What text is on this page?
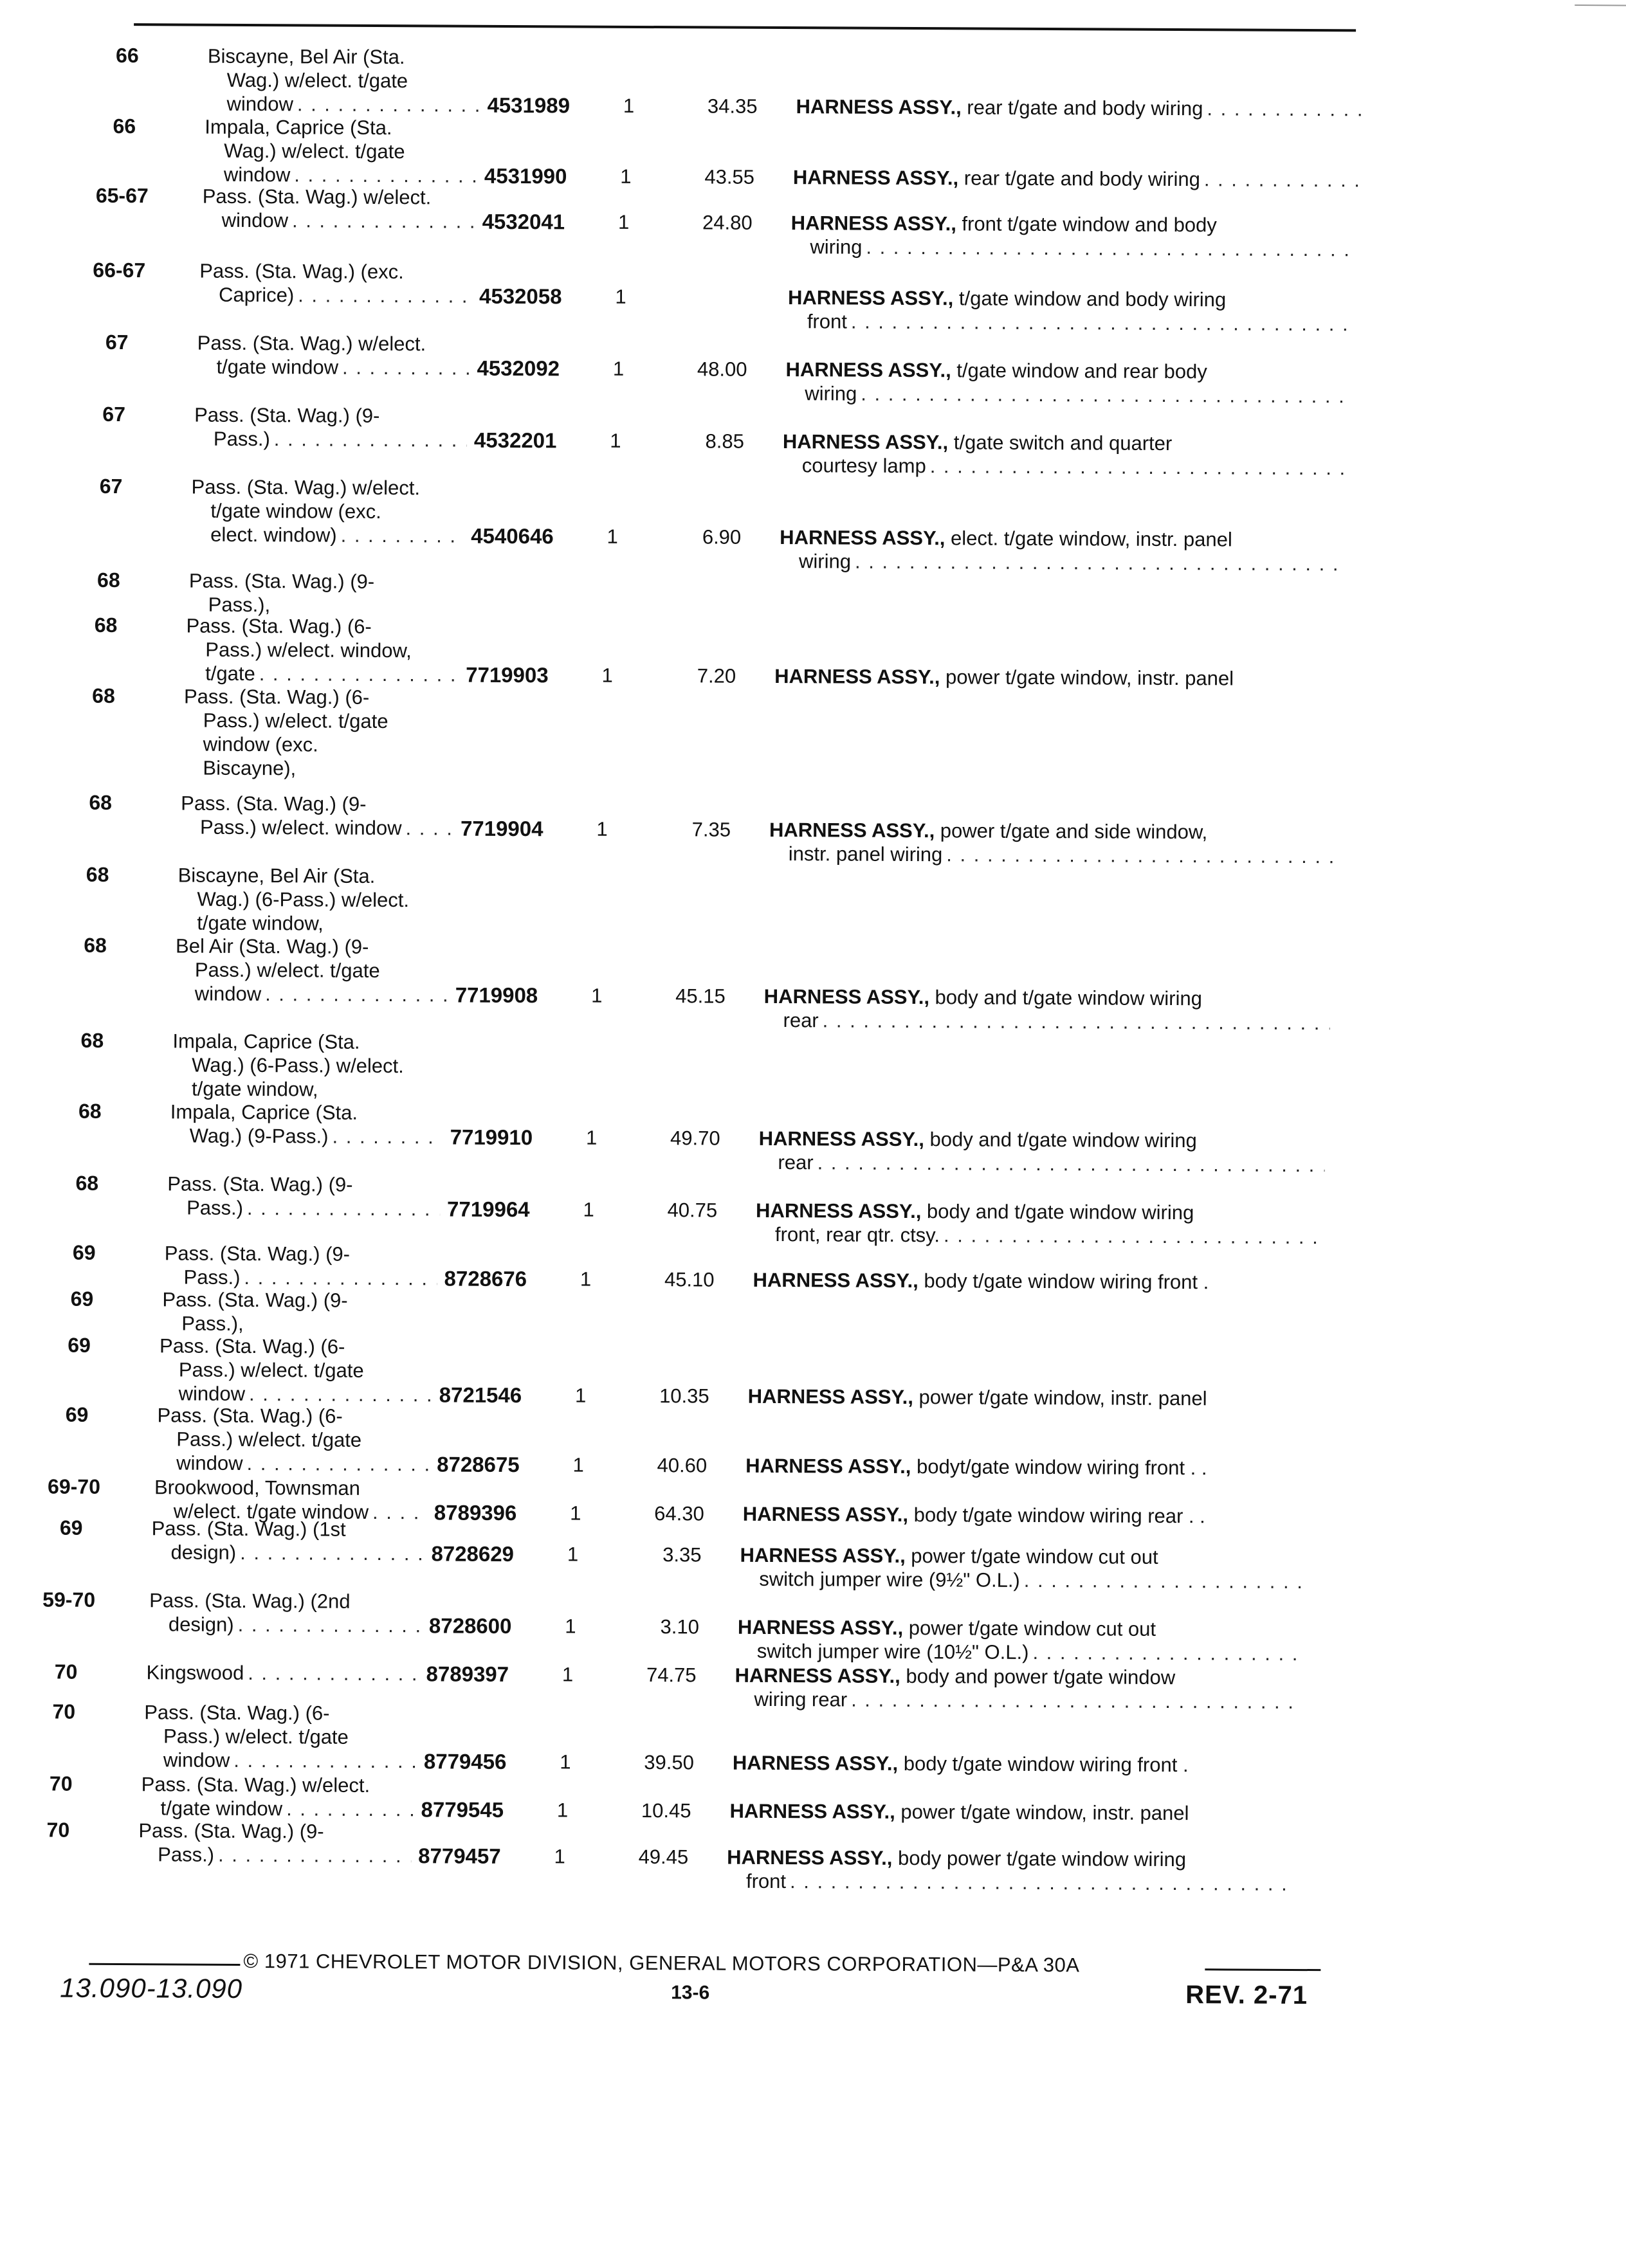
66	Biscayne, Bel Air (Sta.
Wag.) w/elect. t/gate
window . . .	4531989	1	34.35 HARNESS ASSY., rear t/gate and body wiring
. . .
66	Impala, Caprice (Sta.
Wag.) w/elect. t/gate
window . . .	4531990	1	43.55 HARNESS ASSY., rear t/gate and body wiring
. . .
65-67	Pass. (Sta. Wag.) w/elect.
window . . .	4532041	1	24.80 HARNESS ASSY., front t/gate window and body
wiring
. . .
66-67	Pass. (Sta. Wag.) (exc.
Caprice) . . .	4532058	1	HARNESS ASSY., t/gate window and body wiring
front
. . .
67	Pass. (Sta. Wag.) w/elect.
t/gate window . . .	4532092	1	48.00 HARNESS ASSY., t/gate window and rear body
wiring
. . .
67	Pass. (Sta. Wag.) (9-
Pass.) . . .	4532201	1	8.85 HARNESS ASSY., t/gate switch and quarter
courtesy lamp
. . .
67	Pass. (Sta. Wag.) w/elect.
t/gate window (exc.
elect. window) . . .	4540646	1	6.90 HARNESS ASSY., elect. t/gate window, instr. panel
wiring
. . .
68	Pass. (Sta. Wag.) (9-
Pass.),
68	Pass. (Sta. Wag.) (6-
Pass.) w/elect. window,
t/gate . . .	7719903	1	7.20 HARNESS ASSY., power t/gate window, instr. panel
68	Pass. (Sta. Wag.) (6-
Pass.) w/elect. t/gate
window (exc.
Biscayne),
68	Pass. (Sta. Wag.) (9-
Pass.) w/elect. window . . .	7719904	1	7.35 HARNESS ASSY., power t/gate and side window,
instr. panel wiring
. . .
68	Biscayne, Bel Air (Sta.
Wag.) (6-Pass.) w/elect.
t/gate window,
68	Bel Air (Sta. Wag.) (9-
Pass.) w/elect. t/gate
window . . .	7719908	1	45.15 HARNESS ASSY., body and t/gate window wiring
rear
. . .
68	Impala, Caprice (Sta.
Wag.) (6-Pass.) w/elect.
t/gate window,
68	Impala, Caprice (Sta.
Wag.) (9-Pass.) . . .	7719910	1	49.70 HARNESS ASSY., body and t/gate window wiring
rear
. . .
68	Pass. (Sta. Wag.) (9-
Pass.) . . .	7719964	1	40.75 HARNESS ASSY., body and t/gate window wiring
front, rear qtr. ctsy.
. . .
69	Pass. (Sta. Wag.) (9-
Pass.) . . .	8728676	1	45.10 HARNESS ASSY., body t/gate window wiring front .
69	Pass. (Sta. Wag.) (9-
Pass.),
69	Pass. (Sta. Wag.) (6-
Pass.) w/elect. t/gate
window . . .	8721546	1	10.35 HARNESS ASSY., power t/gate window, instr. panel
69	Pass. (Sta. Wag.) (6-
Pass.) w/elect. t/gate
window . . .	8728675	1	40.60 HARNESS ASSY., bodyt/gate window wiring front . .
69-70	Brookwood, Townsman
w/elect. t/gate window . . .	8789396	1	64.30 HARNESS ASSY., body t/gate window wiring rear . .
69	Pass. (Sta. Wag.) (1st
design) . . .	8728629	1	3.35 HARNESS ASSY., power t/gate window cut out
switch jumper wire (9½" O.L.)
. . .
59-70	Pass. (Sta. Wag.) (2nd
design) . . .	8728600	1	3.10 HARNESS ASSY., power t/gate window cut out
switch jumper wire (10½" O.L.)
. . .
70	Kingswood . . .	8789397	1	74.75 HARNESS ASSY., body and power t/gate window
wiring rear
. . .
70	Pass. (Sta. Wag.) (6-
Pass.) w/elect. t/gate
window . . .	8779456	1	39.50 HARNESS ASSY., body t/gate window wiring front .
70	Pass. (Sta. Wag.) w/elect.
t/gate window . . .	8779545	1	10.45 HARNESS ASSY., power t/gate window, instr. panel
70	Pass. (Sta. Wag.) (9-
Pass.) . . .	8779457	1	49.45 HARNESS ASSY., body power t/gate window wiring
front
. . .
© 1971 CHEVROLET MOTOR DIVISION, GENERAL MOTORS CORPORATION—P&A 30A
13.090-13.090	13-6	REV. 2-71
